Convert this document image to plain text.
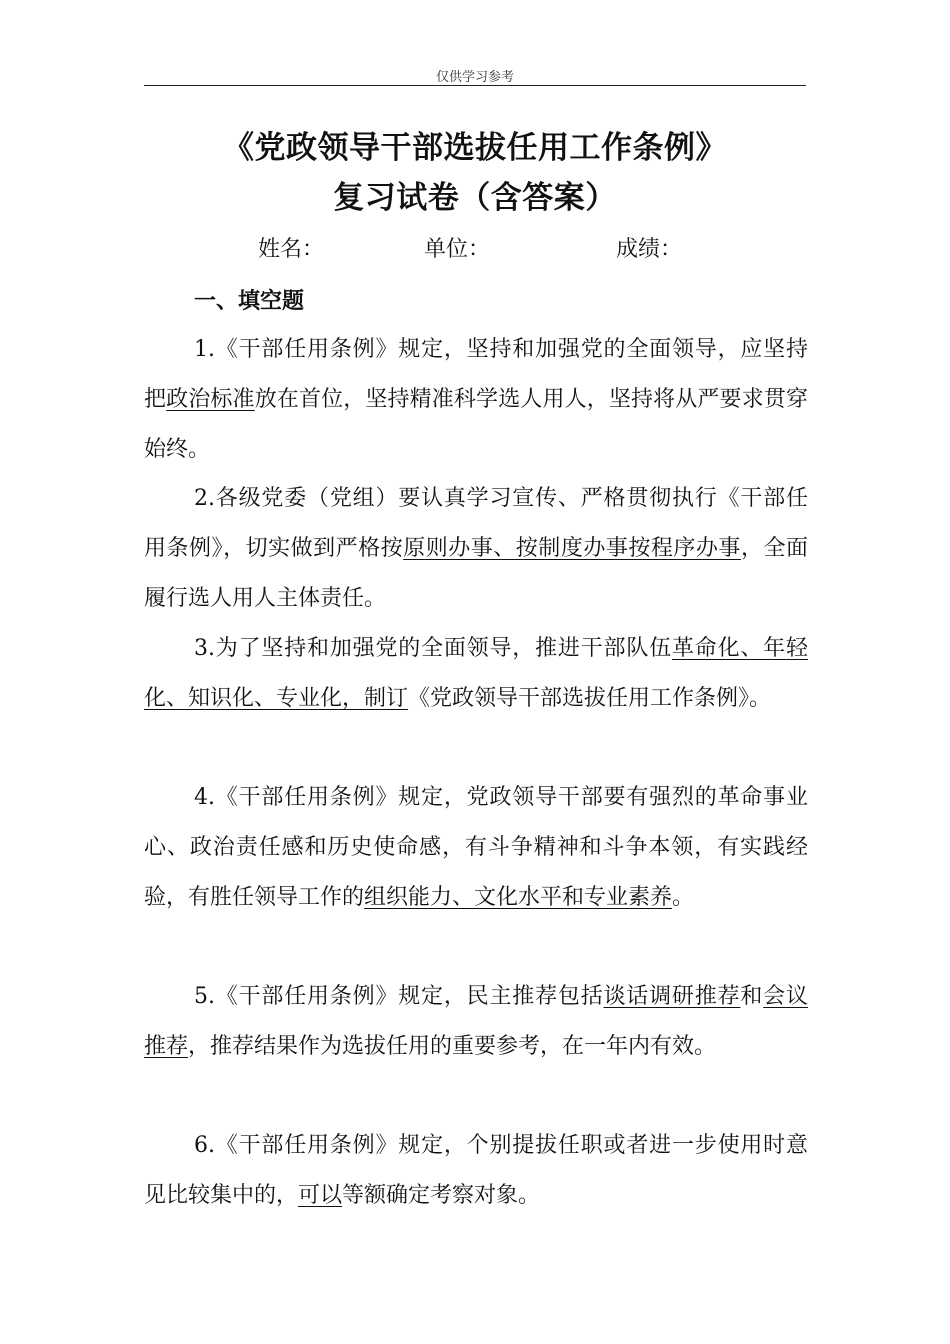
仅供学习参考
《党政领导干部选拔任用工作条例》
复习试卷（含答案）
姓名：	单位：	成绩：
一、填空题
1.《干部任用条例》规定，坚持和加强党的全面领导，应坚持把政治标准放在首位，坚持精准科学选人用人，坚持将从严要求贯穿始终。
2.各级党委（党组）要认真学习宣传、严格贯彻执行《干部任用条例》，切实做到严格按原则办事、按制度办事按程序办事，全面履行选人用人主体责任。
3.为了坚持和加强党的全面领导，推进干部队伍革命化、年轻化、知识化、专业化，制订《党政领导干部选拔任用工作条例》。
4.《干部任用条例》规定，党政领导干部要有强烈的革命事业心、政治责任感和历史使命感，有斗争精神和斗争本领，有实践经验，有胜任领导工作的组织能力、文化水平和专业素养。
5.《干部任用条例》规定，民主推荐包括谈话调研推荐和会议推荐，推荐结果作为选拔任用的重要参考，在一年内有效。
6.《干部任用条例》规定，个别提拔任职或者进一步使用时意见比较集中的，可以等额确定考察对象。
